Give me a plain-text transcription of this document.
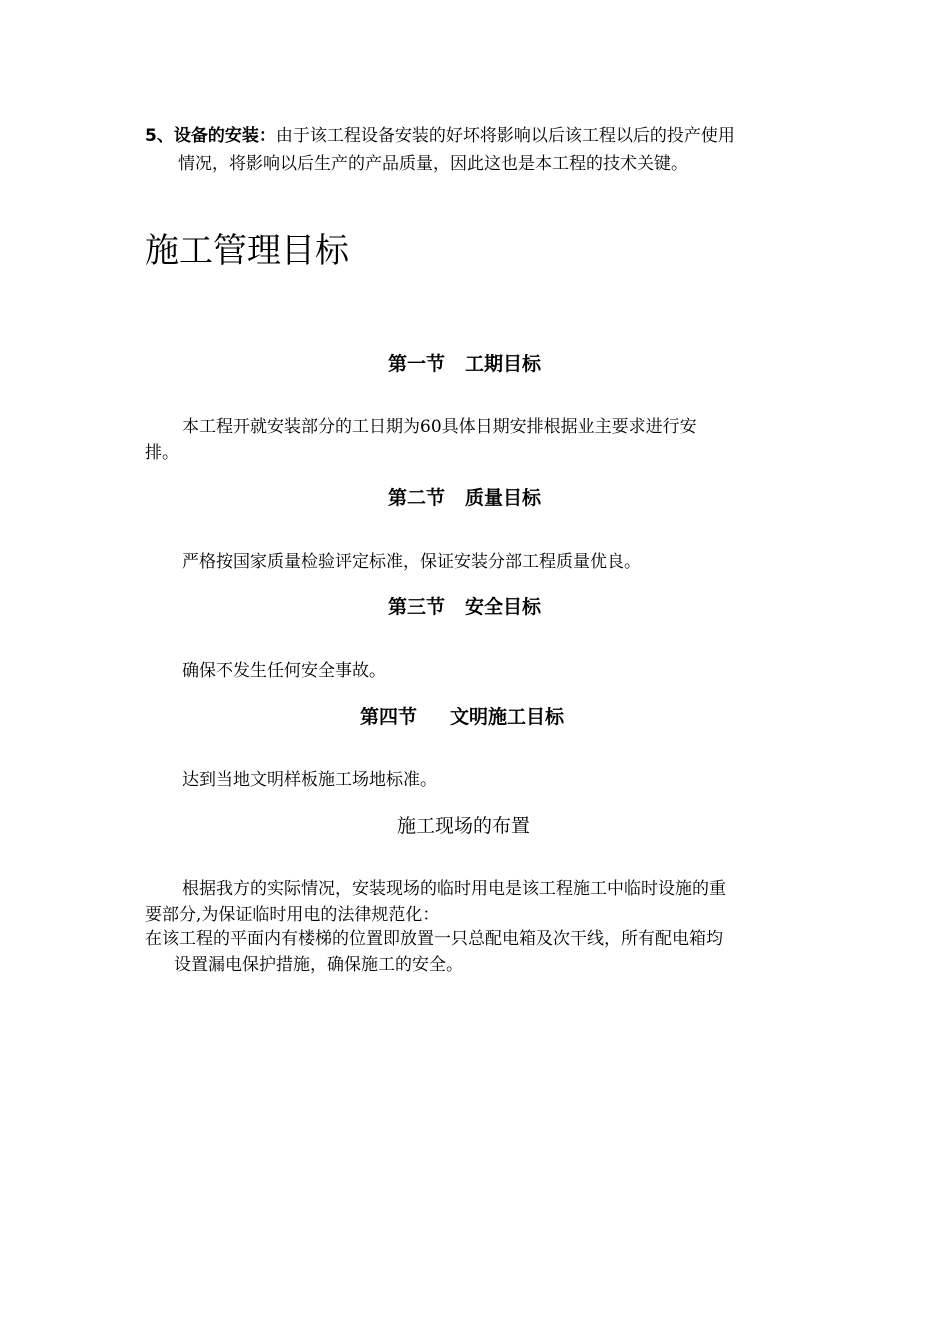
5、设备的安装：由于该工程设备安装的好坏将影响以后该工程以后的投产使用
情况，将影响以后生产的产品质量，因此这也是本工程的技术关键。
施工管理目标
第一节 工期目标
本工程开就安装部分的工日期为60具体日期安排根据业主要求进行安
排。
第二节 质量目标
严格按国家质量检验评定标准，保证安装分部工程质量优良。
第三节 安全目标
确保不发生任何安全事故。
第四节 文明施工目标
达到当地文明样板施工场地标准。
施工现场的布置
根据我方的实际情况，安装现场的临时用电是该工程施工中临时设施的重
要部分,为保证临时用电的法律规范化：
在该工程的平面内有楼梯的位置即放置一只总配电箱及次干线，所有配电箱均
设置漏电保护措施，确保施工的安全。
